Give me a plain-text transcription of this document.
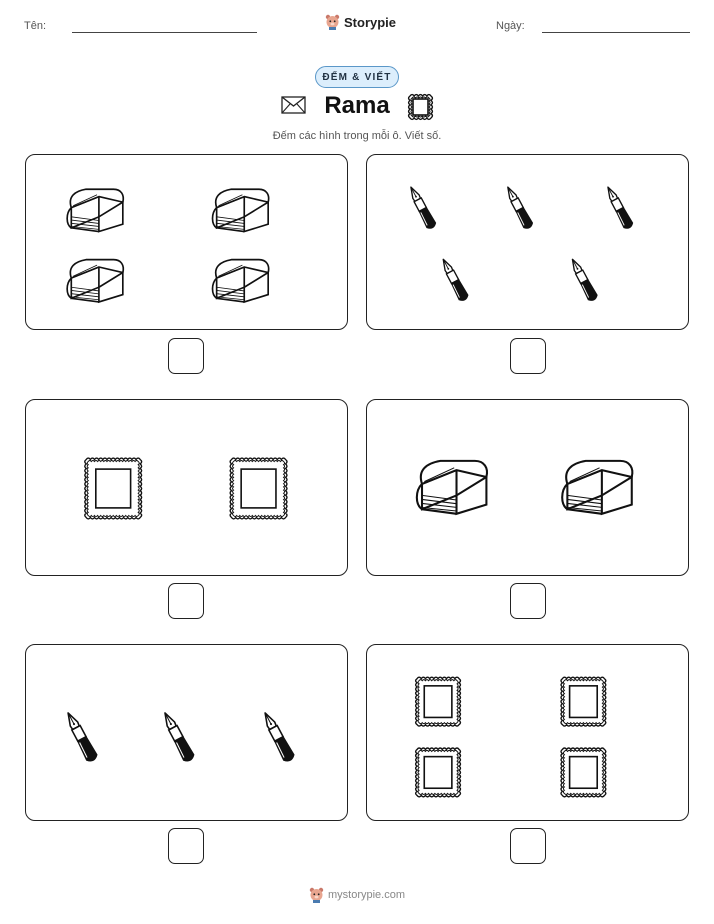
Tên:	Storypie	Ngày:
ĐẾM & VIẾT
Rama
Đếm các hình trong mỗi ô. Viết số.
mystorypie.com
